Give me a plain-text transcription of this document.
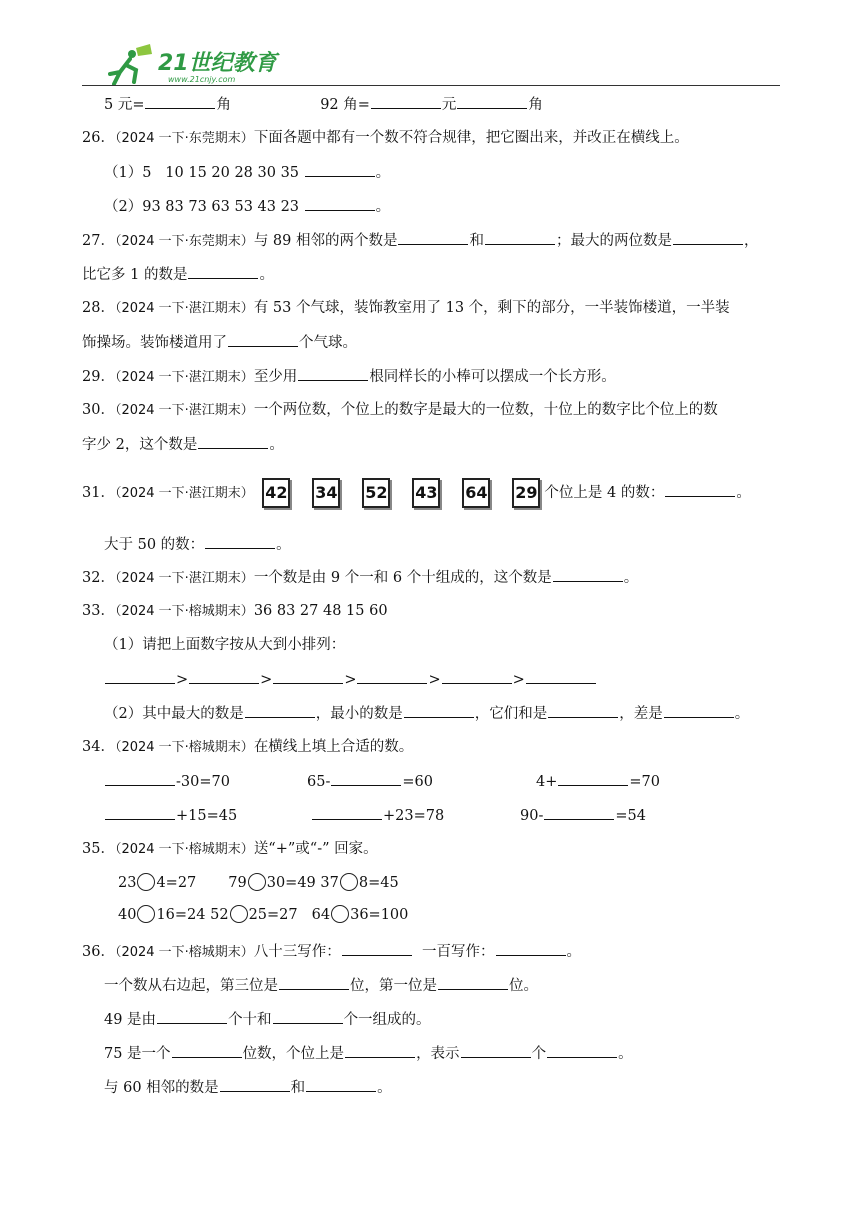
21世纪教育
www.21cnjy.com
5 元=	角	92 角=	元	角
26．（2024 一下·东莞期末）下面各题中都有一个数不符合规律，把它圈出来，并改正在横线上。
（1）5 10 15 20 28 30 35	。
（2）93 83 73 63 53 43 23	。
27．（2024 一下·东莞期末）与 89 相邻的两个数是	和	；最大的两位数是	，
比它多 1 的数是	。
28．（2024 一下·湛江期末）有 53 个气球，装饰教室用了 13 个，剩下的部分，一半装饰楼道，一半装
饰操场。装饰楼道用了	个气球。
29．（2024 一下·湛江期末）至少用	根同样长的小棒可以摆成一个长方形。
30．（2024 一下·湛江期末）一个两位数，个位上的数字是最大的一位数，十位上的数字比个位上的数
字少 2，这个数是	。
31．（2024 一下·湛江期末） 42 34 52 43 64 29 个位上是 4 的数：	。
大于 50 的数：	。
32．（2024 一下·湛江期末）一个数是由 9 个一和 6 个十组成的，这个数是	。
33．（2024 一下·榕城期末）36 83 27 48 15 60
（1）请把上面数字按从大到小排列：
>	>	>	>	>
（2）其中最大的数是	，最小的数是	，它们和是	，差是	。
34．（2024 一下·榕城期末）在横线上填上合适的数。
-30=70	65-	=60	4+	=70
+15=45	+23=78	90-	=54
35．（2024 一下·榕城期末）送“+”或“-” 回家。
23 4=27 79 30=49 37 8=45
40 16=24 52 25=27 64 36=100
36．（2024 一下·榕城期末）八十三写作：	一百写作：	。
一个数从右边起，第三位是	位，第一位是	位。
49 是由	个十和	个一组成的。
75 是一个	位数，个位上是	，表示	个	。
与 60 相邻的数是	和	。
